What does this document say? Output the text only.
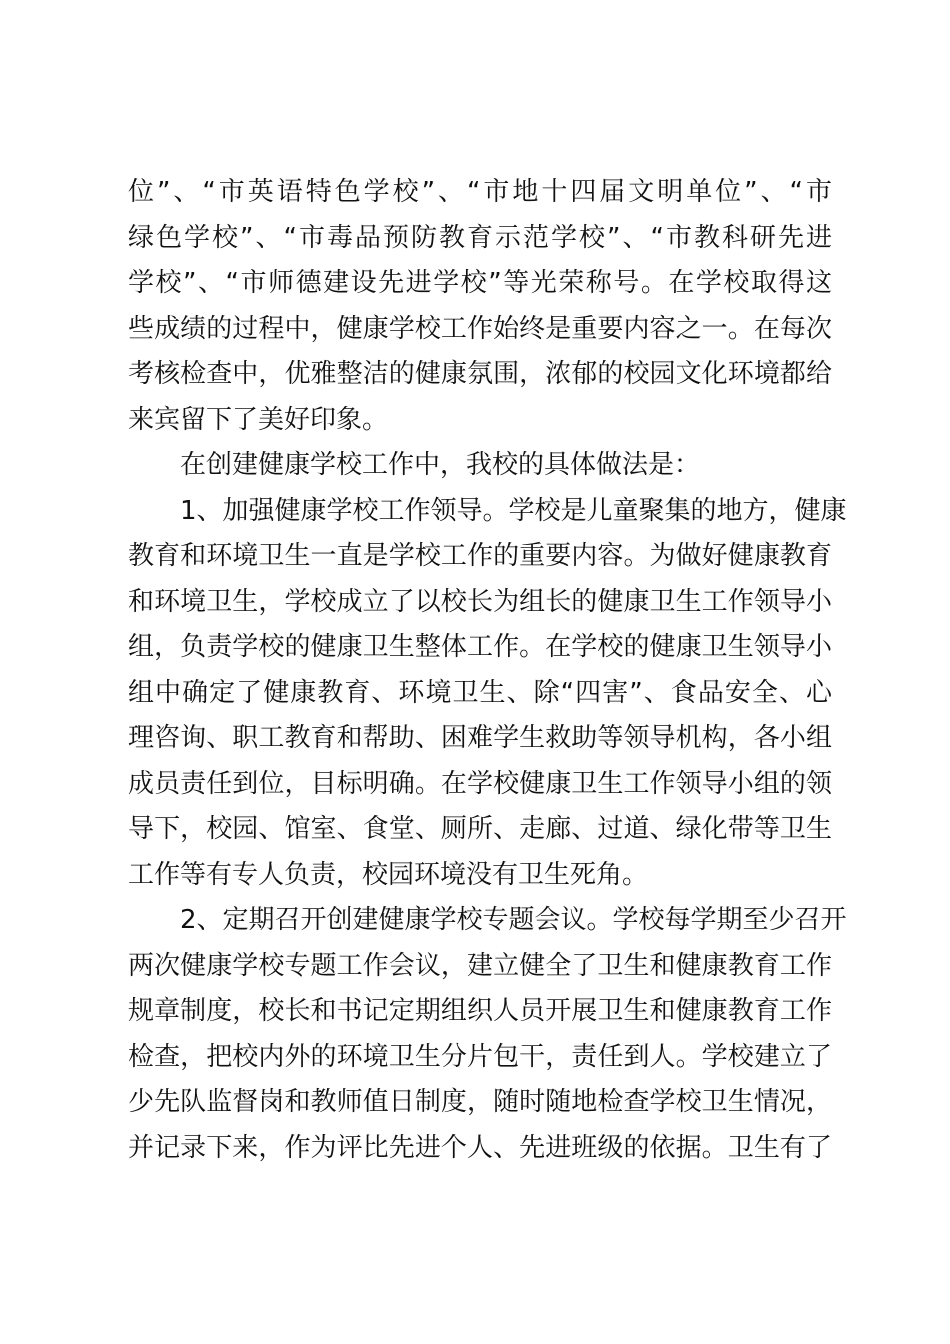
位”、“市英语特色学校”、“市地十四届文明单位”、“市
绿色学校”、“市毒品预防教育示范学校”、“市教科研先进
学校”、“市师德建设先进学校”等光荣称号。在学校取得这
些成绩的过程中，健康学校工作始终是重要内容之一。在每次
考核检查中，优雅整洁的健康氛围，浓郁的校园文化环境都给
来宾留下了美好印象。
在创建健康学校工作中，我校的具体做法是：
1、加强健康学校工作领导。学校是儿童聚集的地方，健康
教育和环境卫生一直是学校工作的重要内容。为做好健康教育
和环境卫生，学校成立了以校长为组长的健康卫生工作领导小
组，负责学校的健康卫生整体工作。在学校的健康卫生领导小
组中确定了健康教育、环境卫生、除“四害”、食品安全、心
理咨询、职工教育和帮助、困难学生救助等领导机构，各小组
成员责任到位，目标明确。在学校健康卫生工作领导小组的领
导下，校园、馆室、食堂、厕所、走廊、过道、绿化带等卫生
工作等有专人负责，校园环境没有卫生死角。
2、定期召开创建健康学校专题会议。学校每学期至少召开
两次健康学校专题工作会议，建立健全了卫生和健康教育工作
规章制度，校长和书记定期组织人员开展卫生和健康教育工作
检查，把校内外的环境卫生分片包干，责任到人。学校建立了
少先队监督岗和教师值日制度，随时随地检查学校卫生情况，
并记录下来，作为评比先进个人、先进班级的依据。卫生有了
